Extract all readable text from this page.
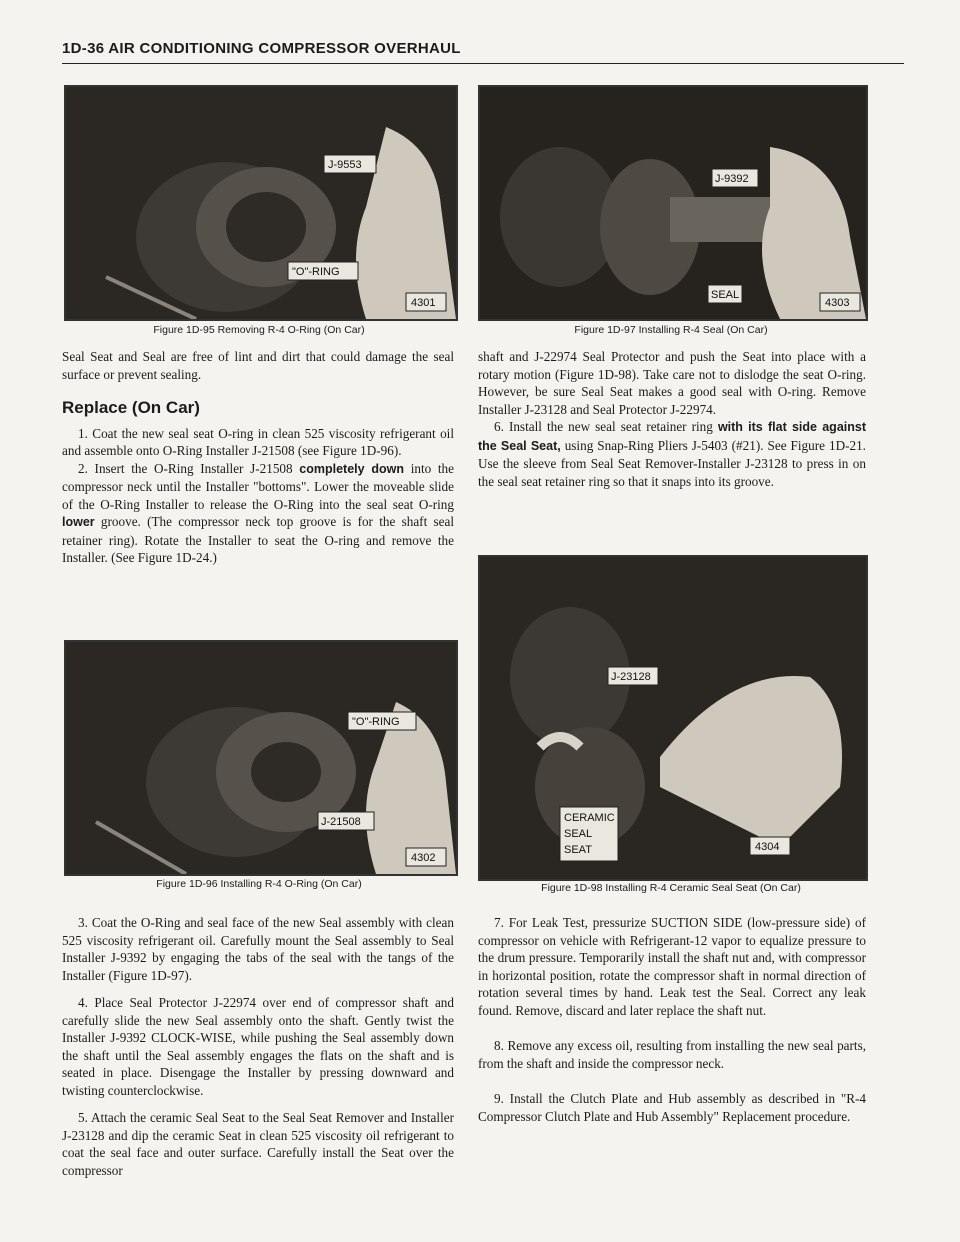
1D-36 AIR CONDITIONING COMPRESSOR OVERHAUL
J-9553
"O"-RING
4301
Figure 1D-95 Removing R-4 O-Ring (On Car)
J-9392
SEAL
4303
Figure 1D-97 Installing R-4 Seal (On Car)
"O"-RING
J-21508
4302
Figure 1D-96 Installing R-4 O-Ring (On Car)
J-23128
CERAMIC
SEAL
SEAT	4304
Figure 1D-98 Installing R-4 Ceramic Seal Seat (On Car)

Seal Seat and Seal are free of lint and dirt that could damage the seal surface or prevent sealing.

Replace (On Car)

1. Coat the new seal seat O-ring in clean 525 viscosity refrigerant oil and assemble onto O-Ring Installer J-21508 (see Figure 1D-96).

2. Insert the O-Ring Installer J-21508 completely down into the compressor neck until the Installer "bottoms". Lower the moveable slide of the O-Ring Installer to release the O-Ring into the seal seat O-ring lower groove. (The compressor neck top groove is for the shaft seal retainer ring). Rotate the Installer to seat the O-ring and remove the Installer. (See Figure 1D-24.)

3. Coat the O-Ring and seal face of the new Seal assembly with clean 525 viscosity refrigerant oil. Carefully mount the Seal assembly to Seal Installer J-9392 by engaging the tabs of the seal with the tangs of the Installer (Figure 1D-97).

4. Place Seal Protector J-22974 over end of compressor shaft and carefully slide the new Seal assembly onto the shaft. Gently twist the Installer J-9392 CLOCK-WISE, while pushing the Seal assembly down the shaft until the Seal assembly engages the flats on the shaft and is seated in place. Disengage the Installer by pressing downward and twisting counterclockwise.

5. Attach the ceramic Seal Seat to the Seal Seat Remover and Installer J-23128 and dip the ceramic Seat in clean 525 viscosity oil refrigerant to coat the seal face and outer surface. Carefully install the Seat over the compressor

shaft and J-22974 Seal Protector and push the Seat into place with a rotary motion (Figure 1D-98). Take care not to dislodge the seat O-ring. However, be sure Seal Seat makes a good seal with O-ring. Remove Installer J-23128 and Seal Protector J-22974.

6. Install the new seal seat retainer ring with its flat side against the Seal Seat, using Snap-Ring Pliers J-5403 (#21). See Figure 1D-21. Use the sleeve from Seal Seat Remover-Installer J-23128 to press in on the seal seat retainer ring so that it snaps into its groove.

7. For Leak Test, pressurize SUCTION SIDE (low-pressure side) of compressor on vehicle with Refrigerant-12 vapor to equalize pressure to the drum pressure. Temporarily install the shaft nut and, with compressor in horizontal position, rotate the compressor shaft in normal direction of rotation several times by hand. Leak test the Seal. Correct any leak found. Remove, discard and later replace the shaft nut.

8. Remove any excess oil, resulting from installing the new seal parts, from the shaft and inside the compressor neck.

9. Install the Clutch Plate and Hub assembly as described in "R-4 Compressor Clutch Plate and Hub Assembly" Replacement procedure.
